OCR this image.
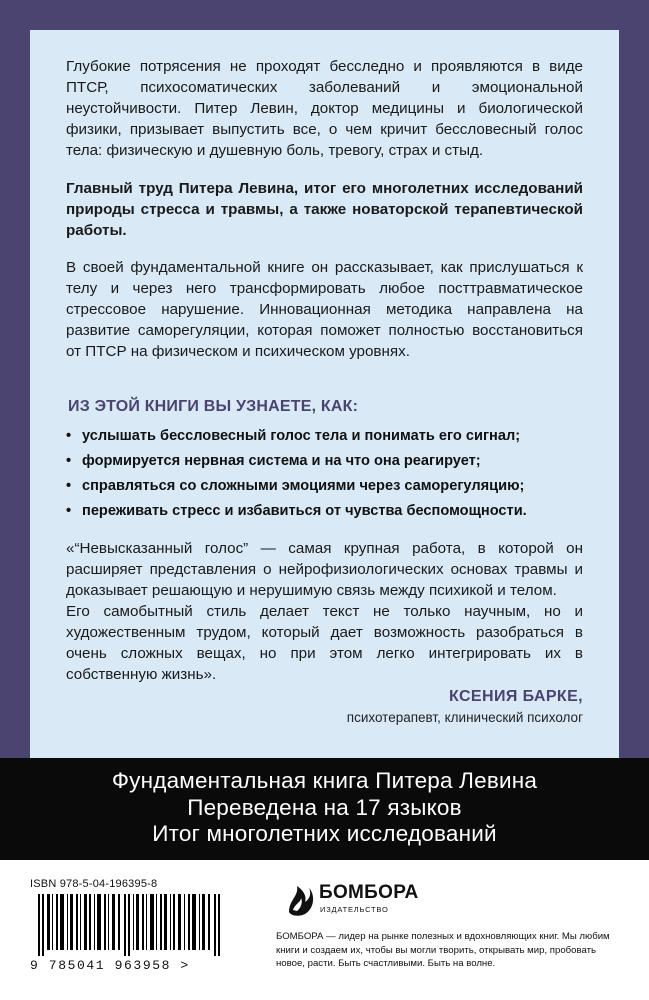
Глубокие потрясения не проходят бесследно и проявляются в виде ПТСР, психосоматических заболеваний и эмоциональной неустойчивости. Питер Левин, доктор медицины и биологической физики, призывает выпустить все, о чем кричит бессловесный голос тела: физическую и душевную боль, тревогу, страх и стыд.

Главный труд Питера Левина, итог его многолетних исследований природы стресса и травмы, а также новаторской терапевтической работы.

В своей фундаментальной книге он рассказывает, как прислушаться к телу и через него трансформировать любое посттравматическое стрессовое нарушение. Инновационная методика направлена на развитие саморегуляции, которая поможет полностью восстановиться от ПТСР на физическом и психическом уровнях.

ИЗ ЭТОЙ КНИГИ ВЫ УЗНАЕТЕ, КАК:
• услышать бессловесный голос тела и понимать его сигнал;
• формируется нервная система и на что она реагирует;
• справляться со сложными эмоциями через саморегуляцию;
• переживать стресс и избавиться от чувства беспомощности.
«“Невысказанный голос” — самая крупная работа, в которой он расширяет представления о нейрофизиологических основах травмы и доказывает решающую и нерушимую связь между психикой и телом.
Его самобытный стиль делает текст не только научным, но и художественным трудом, который дает возможность разобраться в очень сложных вещах, но при этом легко интегрировать их в собственную жизнь».
КСЕНИЯ БАРКЕ,
психотерапевт, клинический психолог
Фундаментальная книга Питера Левина
Переведена на 17 языков
Итог многолетних исследований
ISBN 978-5-04-196395-8
9 785041 963958 >
БОМБОРА
ИЗДАТЕЛЬСТВО

БОМБОРА — лидер на рынке полезных и вдохновляющих книг. Мы любим книги и создаем их, чтобы вы могли творить, открывать мир, пробовать новое, расти. Быть счастливыми. Быть на волне.
